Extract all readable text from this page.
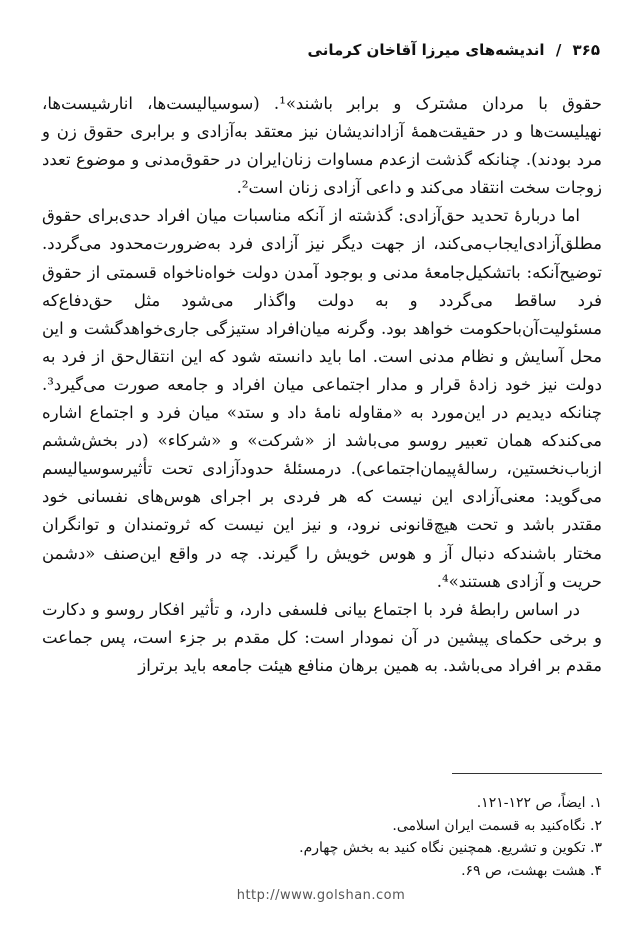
۳۶۵ / اندیشه‌های میرزا آقاخان کرمانی

حقوق با مردان مشترک و برابر باشند»¹. (سوسیالیست‌ها، انارشیست‌ها، نهیلیست‌ها و در حقیقت‌همهٔ آزاداندیشان نیز معتقد به‌آزادی و برابری حقوق زن و مرد بودند). چنانکه گذشت ازعدم مساوات زنان‌ایران در حقوق‌مدنی و موضوع تعدد زوجات سخت انتقاد می‌کند و داعی آزادی زنان است².

اما دربارهٔ تحدید حق‌آزادی: گذشته از آنکه مناسبات میان افراد حدی‌برای حقوق مطلق‌آزادی‌ایجاب‌می‌کند، از جهت دیگر نیز آزادی فرد به‌ضرورت‌محدود می‌گردد. توضیح‌آنکه: باتشکیل‌جامعهٔ مدنی و بوجود آمدن دولت خواه‌ناخواه قسمتی از حقوق فرد ساقط می‌گردد و به دولت واگذار می‌شود مثل حق‌دفاع‌که مسئولیت‌آن‌باحکومت خواهد بود. وگرنه میان‌افراد ستیزگی جاری‌خواهدگشت و این محل آسایش و نظام مدنی است. اما باید دانسته شود که این انتقال‌حق از فرد به دولت نیز خود زادهٔ قرار و مدار اجتماعی میان افراد و جامعه صورت می‌گیرد³. چنانکه دیدیم در این‌مورد به «مقاوله نامهٔ داد و ستد» میان فرد و اجتماع اشاره می‌کندکه همان تعبیر روسو می‌باشد از «شرکت» و «شرکاء» (در بخش‌ششم ازباب‌نخستین، رسالهٔ‌پیمان‌اجتماعی). درمسئلهٔ حدودآزادی تحت تأثیرسوسیالیسم می‌گوید: معنی‌آزادی این نیست که هر فردی بر اجرای هوس‌های نفسانی خود مقتدر باشد و تحت هیچ‌قانونی نرود، و نیز این نیست که ثروتمندان و توانگران مختار باشندکه دنبال آز و هوس خویش را گیرند. چه در واقع این‌صنف «دشمن حریت و آزادی هستند»⁴.

در اساس رابطهٔ فرد با اجتماع بیانی فلسفی دارد، و تأثیر افکار روسو و دکارت و برخی حکمای پیشین در آن نمودار است: کل مقدم بر جزء است، پس جماعت مقدم بر افراد می‌باشد. به همین برهان منافع هیئت جامعه باید برتراز

۱. ایضاً، ص ۱۲۲-۱۲۱.

۲. نگاه‌کنید به قسمت ایران اسلامی.

۳. تکوین و تشریع. همچنین نگاه کنید به بخش چهارم.

۴. هشت بهشت، ص ۶۹.

http://www.golshan.com
